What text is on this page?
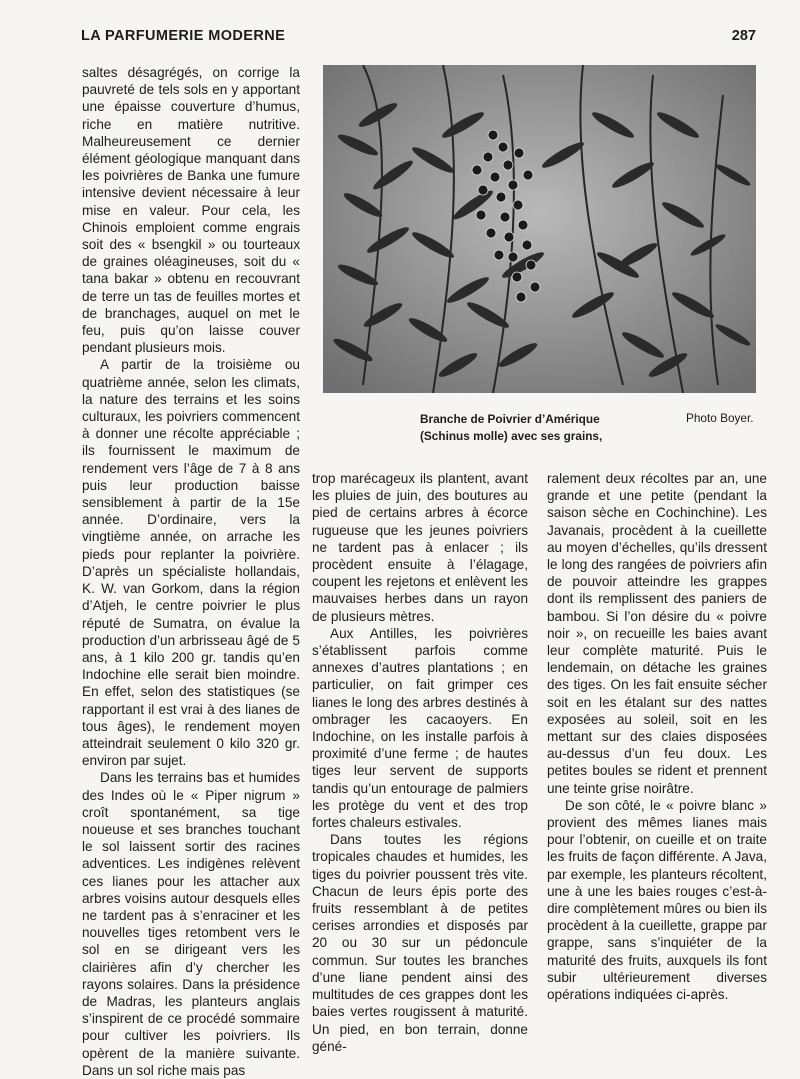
LA PARFUMERIE MODERNE	287

saltes désagrégés, on corrige la pauvreté de tels sols en y apportant une épaisse couverture d’humus, riche en matière nutritive. Malheureusement ce dernier élément géologique manquant dans les poivrières de Banka une fumure intensive devient nécessaire à leur mise en valeur. Pour cela, les Chinois emploient comme engrais soit des « bsengkil » ou tourteaux de graines oléagineuses, soit du « tana bakar » obtenu en recouvrant de terre un tas de feuilles mortes et de branchages, auquel on met le feu, puis qu’on laisse couver pendant plusieurs mois.

A partir de la troisième ou quatrième année, selon les climats, la nature des terrains et les soins culturaux, les poivriers commencent à donner une récolte appréciable ; ils fournissent le maximum de rendement vers l’âge de 7 à 8 ans puis leur production baisse sensiblement à partir de la 15e année. D’ordinaire, vers la vingtième année, on arrache les pieds pour replanter la poivrière. D’après un spécialiste hollandais, K. W. van Gorkom, dans la région d’Atjeh, le centre poivrier le plus réputé de Sumatra, on évalue la production d’un arbrisseau âgé de 5 ans, à 1 kilo 200 gr. tandis qu’en Indochine elle serait bien moindre. En effet, selon des statistiques (se rapportant il est vrai à des lianes de tous âges), le rendement moyen atteindrait seulement 0 kilo 320 gr. environ par sujet.

Dans les terrains bas et humides des Indes où le « Piper nigrum » croît spontanément, sa tige noueuse et ses branches touchant le sol laissent sortir des racines adventices. Les indigènes relèvent ces lianes pour les attacher aux arbres voisins autour desquels elles ne tardent pas à s’enraciner et les nouvelles tiges retombent vers le sol en se dirigeant vers les clairières afin d’y chercher les rayons solaires. Dans la présidence de Madras, les planteurs anglais s’inspirent de ce procédé sommaire pour cultiver les poivriers. Ils opèrent de la manière suivante. Dans un sol riche mais pas

Branche de Poivrier d’Amérique
(Schinus molle) avec ses grains,
Photo Boyer.

trop marécageux ils plantent, avant les pluies de juin, des boutures au pied de certains arbres à écorce rugueuse que les jeunes poivriers ne tardent pas à enlacer ; ils procèdent ensuite à l’élagage, coupent les rejetons et enlèvent les mauvaises herbes dans un rayon de plusieurs mètres.

Aux Antilles, les poivrières s’établissent parfois comme annexes d’autres plantations ; en particulier, on fait grimper ces lianes le long des arbres destinés à ombrager les cacaoyers. En Indochine, on les installe parfois à proximité d’une ferme ; de hautes tiges leur servent de supports tandis qu’un entourage de palmiers les protège du vent et des trop fortes chaleurs estivales.

Dans toutes les régions tropicales chaudes et humides, les tiges du poivrier poussent très vite. Chacun de leurs épis porte des fruits ressemblant à de petites cerises arrondies et disposés par 20 ou 30 sur un pédoncule commun. Sur toutes les branches d’une liane pendent ainsi des multitudes de ces grappes dont les baies vertes rougissent à maturité. Un pied, en bon terrain, donne géné-

ralement deux récoltes par an, une grande et une petite (pendant la saison sèche en Cochinchine). Les Javanais, procèdent à la cueillette au moyen d’échelles, qu’ils dressent le long des rangées de poivriers afin de pouvoir atteindre les grappes dont ils remplissent des paniers de bambou. Si l’on désire du « poivre noir », on recueille les baies avant leur complète maturité. Puis le lendemain, on détache les graines des tiges. On les fait ensuite sécher soit en les étalant sur des nattes exposées au soleil, soit en les mettant sur des claies disposées au-dessus d’un feu doux. Les petites boules se rident et prennent une teinte grise noirâtre.

De son côté, le « poivre blanc » provient des mêmes lianes mais pour l’obtenir, on cueille et on traite les fruits de façon différente. A Java, par exemple, les planteurs récoltent, une à une les baies rouges c’est-à-dire complètement mûres ou bien ils procèdent à la cueillette, grappe par grappe, sans s’inquiéter de la maturité des fruits, auxquels ils font subir ultérieurement diverses opérations indiquées ci-après.
